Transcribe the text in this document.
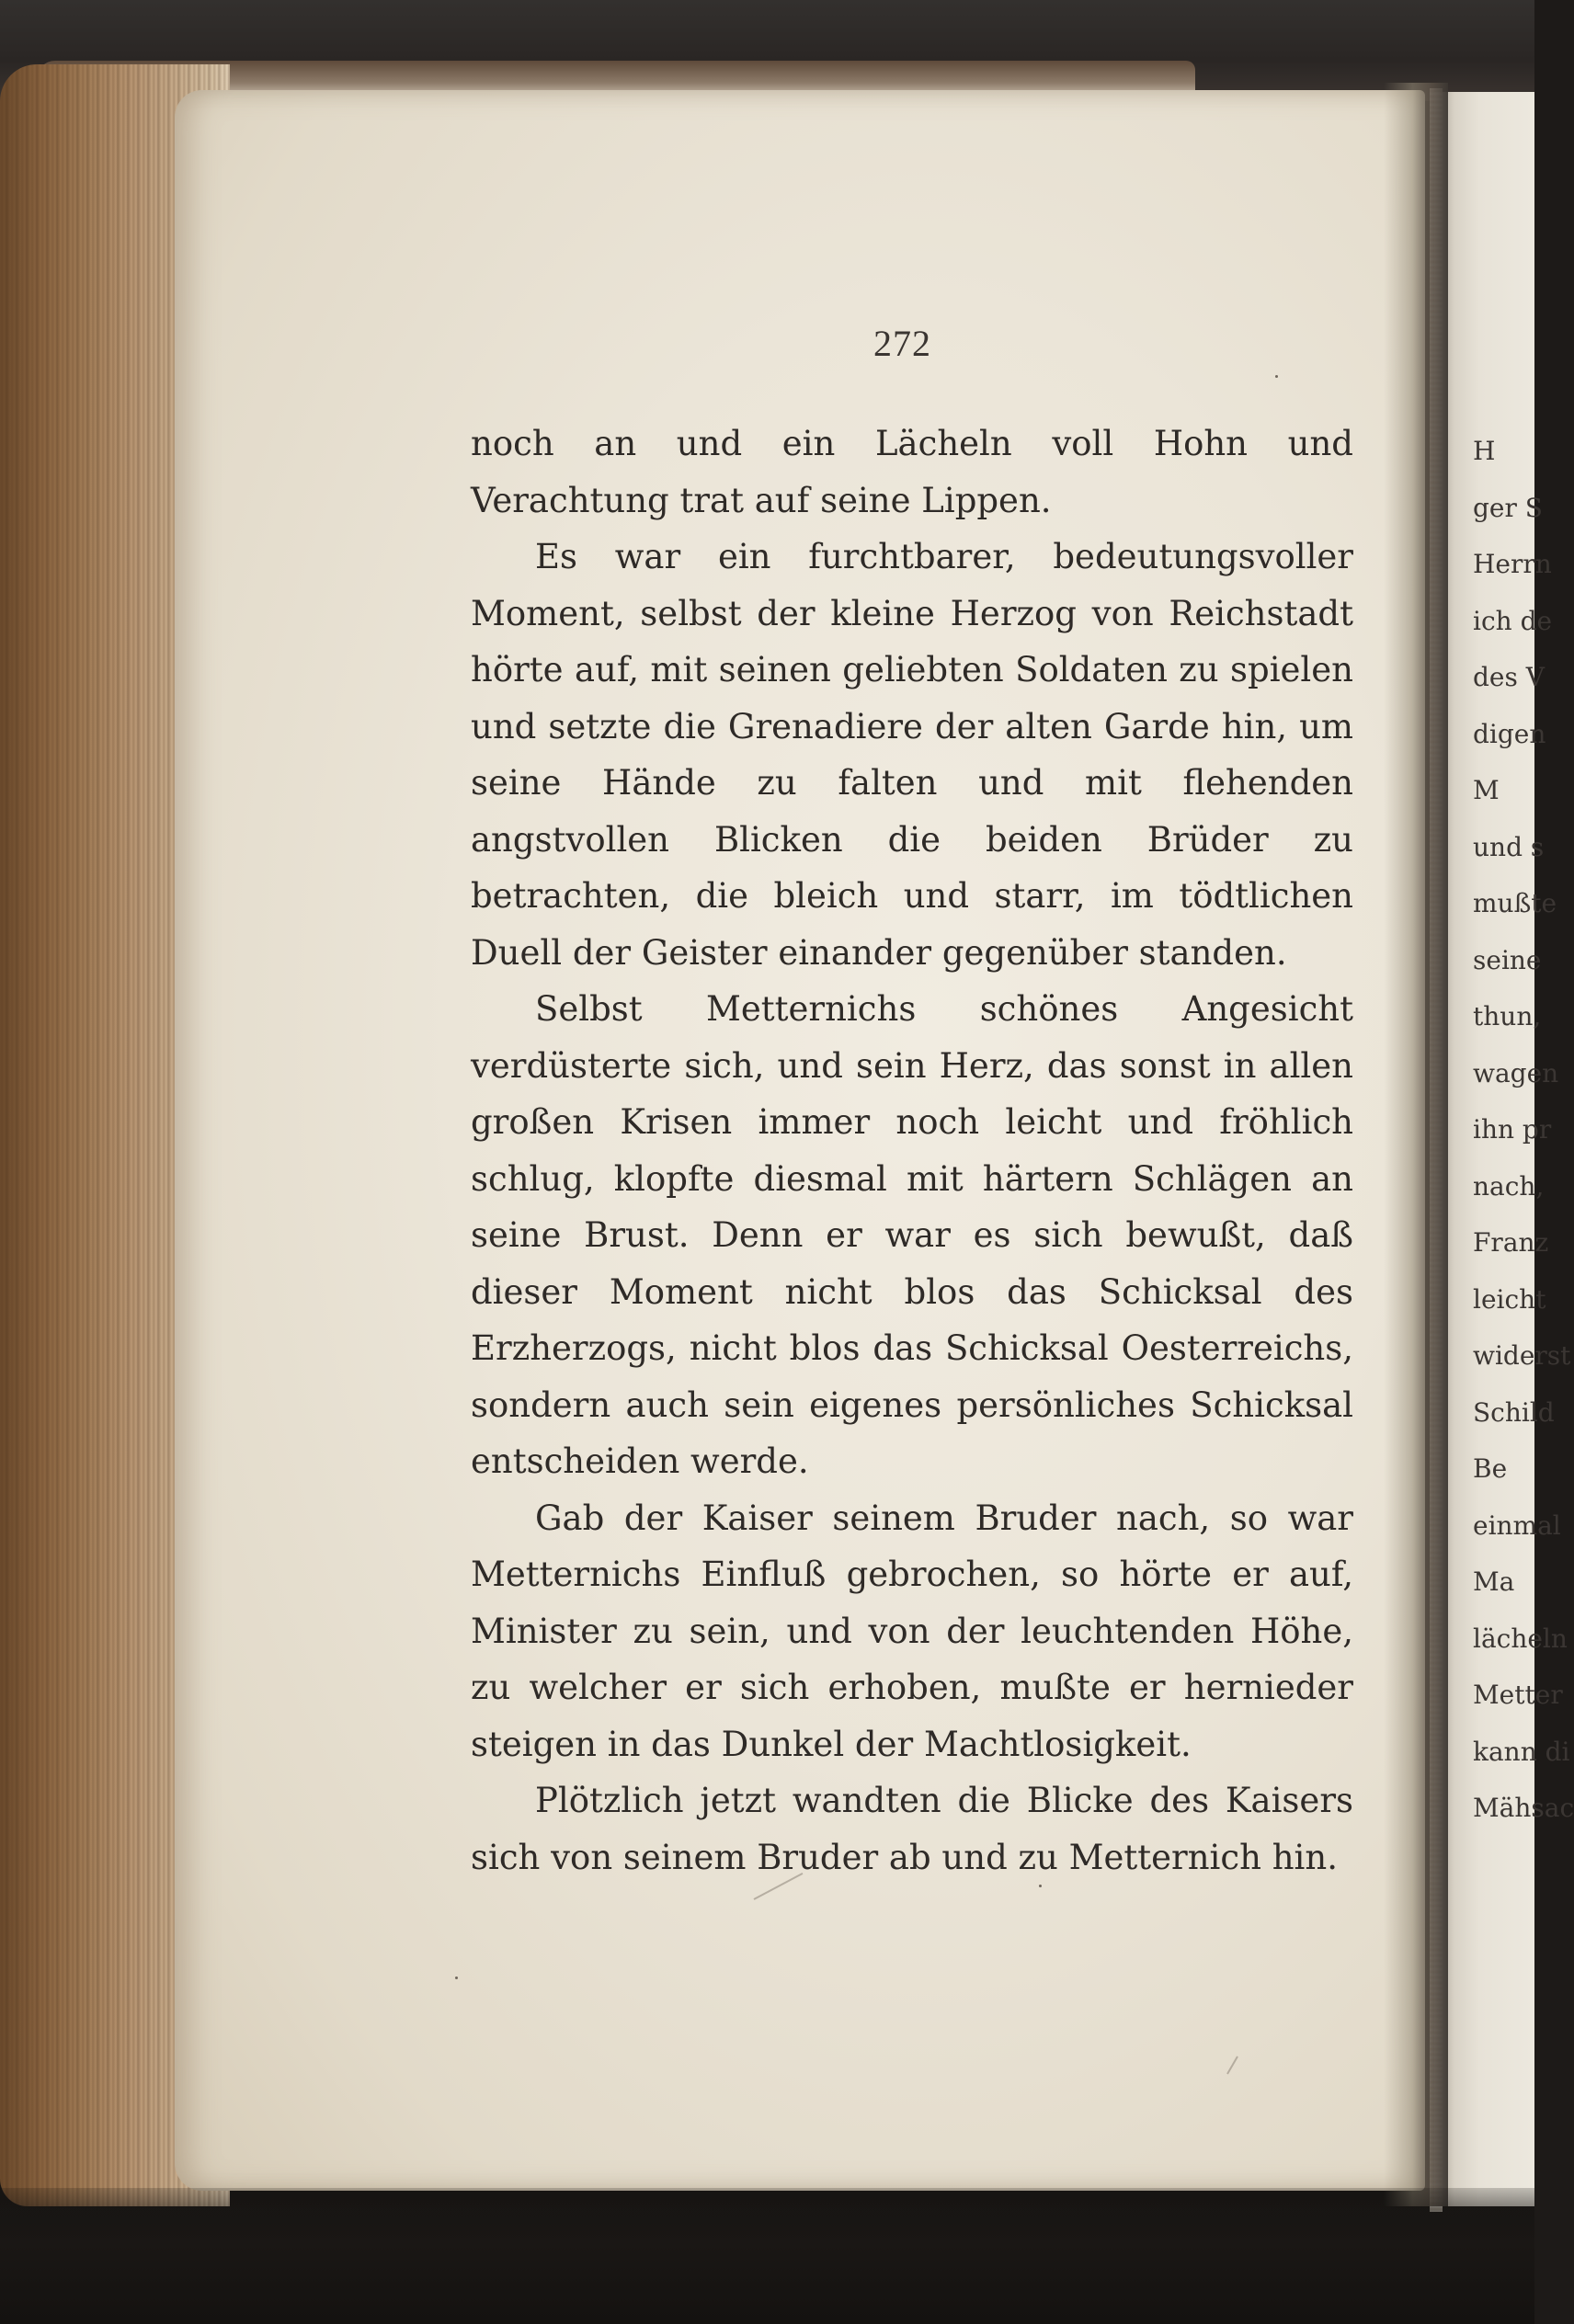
272

noch an und ein Lächeln voll Hohn und Verachtung trat auf seine Lippen.

Es war ein furchtbarer, bedeutungsvoller Moment, selbst der kleine Herzog von Reichstadt hörte auf, mit seinen geliebten Soldaten zu spielen und setzte die Grenadiere der alten Garde hin, um seine Hände zu falten und mit flehenden angstvollen Blicken die beiden Brüder zu betrachten, die bleich und starr, im tödtlichen Duell der Geister einander gegenüber standen.

Selbst Metternichs schönes Angesicht verdüsterte sich, und sein Herz, das sonst in allen großen Krisen immer noch leicht und fröhlich schlug, klopfte diesmal mit härtern Schlägen an seine Brust. Denn er war es sich bewußt, daß dieser Moment nicht blos das Schicksal des Erzherzogs, nicht blos das Schicksal Oesterreichs, sondern auch sein eigenes persönliches Schicksal entscheiden werde.

Gab der Kaiser seinem Bruder nach, so war Metternichs Einfluß gebrochen, so hörte er auf, Minister zu sein, und von der leuchtenden Höhe, zu welcher er sich erhoben, mußte er hernieder steigen in das Dunkel der Machtlosigkeit.

Plötzlich jetzt wandten die Blicke des Kaisers sich von seinem Bruder ab und zu Metternich hin.

H
ger S
Herrn
ich de
des V
digen
M
und s
mußte
seine
thun,
wagen
ihn pr
nach,
Franz
leicht
widerst
Schild
Be
einmal
Ma
lächeln
Metter
kann di
Mähsac
